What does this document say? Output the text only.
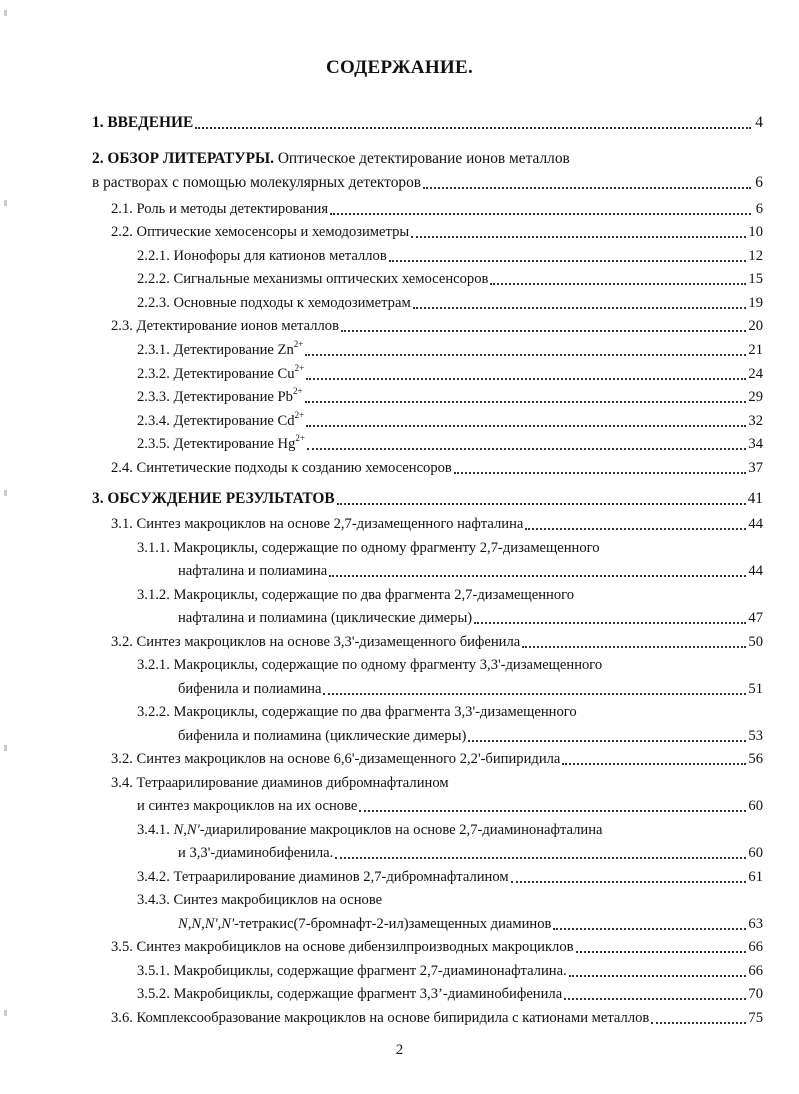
СОДЕРЖАНИЕ.
1. ВВЕДЕНИЕ	4
2. ОБЗОР ЛИТЕРАТУРЫ. Оптическое детектирование ионов металлов
в растворах с помощью молекулярных детекторов	6
2.1. Роль и методы детектирования	6
2.2. Оптические хемосенсоры и хемодозиметры	10
2.2.1. Ионофоры для катионов металлов	12
2.2.2. Сигнальные механизмы оптических хемосенсоров	15
2.2.3. Основные подходы к хемодозиметрам	19
2.3. Детектирование ионов металлов	20
2.3.1. Детектирование $Zn^{2+}$	21
2.3.2. Детектирование $Cu^{2+}$	24
2.3.3. Детектирование $Pb^{2+}$	29
2.3.4. Детектирование $Cd^{2+}$	32
2.3.5. Детектирование $Hg^{2+}$	34
2.4. Синтетические подходы к созданию хемосенсоров	37
3. ОБСУЖДЕНИЕ РЕЗУЛЬТАТОВ	41
3.1. Синтез макроциклов на основе 2,7-дизамещенного нафталина	44
3.1.1. Макроциклы, содержащие по одному фрагменту 2,7-дизамещенного
нафталина и полиамина	44
3.1.2. Макроциклы, содержащие по два фрагмента 2,7-дизамещенного
нафталина и полиамина (циклические димеры)	47
3.2. Синтез макроциклов на основе 3,3'-дизамещенного бифенила	50
3.2.1. Макроциклы, содержащие по одному фрагменту 3,3'-дизамещенного
бифенила и полиамина	51
3.2.2. Макроциклы, содержащие по два фрагмента 3,3'-дизамещенного
бифенила и полиамина (циклические димеры)	53
3.2. Синтез макроциклов на основе 6,6'-дизамещенного 2,2'-бипиридила	56
3.4. Тетраарилирование диаминов дибромнафталином
и синтез макроциклов на их основе	60
3.4.1. N,N'-диарилирование макроциклов на основе 2,7-диаминонафталина
и 3,3'-диаминобифенила.	60
3.4.2. Тетраарилирование диаминов 2,7-дибромнафталином	61
3.4.3. Синтез макробициклов на основе
N,N,N',N'-тетракис(7-бромнафт-2-ил)замещенных диаминов	63
3.5. Синтез макробициклов на основе дибензилпроизводных макроциклов	66
3.5.1. Макробициклы, содержащие фрагмент 2,7-диаминонафталина.	66
3.5.2. Макробициклы, содержащие фрагмент 3,3’-диаминобифенила	70
3.6. Комплексообразование макроциклов на основе бипиридила с катионами металлов	75
2
